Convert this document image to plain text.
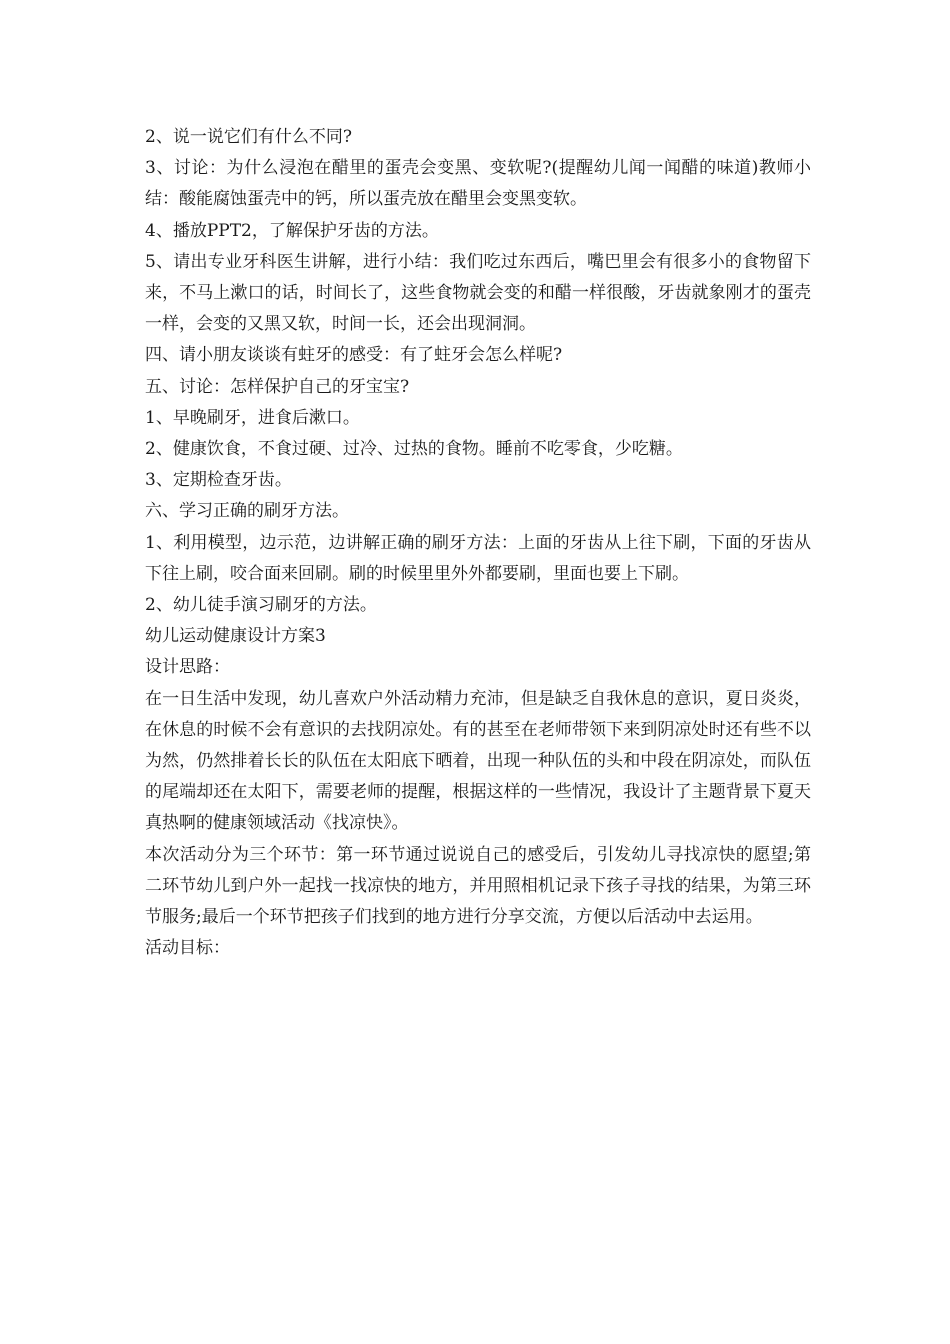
2、说一说它们有什么不同?

3、讨论：为什么浸泡在醋里的蛋壳会变黑、变软呢?(提醒幼儿闻一闻醋的味道)教师小结：酸能腐蚀蛋壳中的钙，所以蛋壳放在醋里会变黑变软。

4、播放PPT2，了解保护牙齿的方法。

5、请出专业牙科医生讲解，进行小结：我们吃过东西后，嘴巴里会有很多小的食物留下来，不马上漱口的话，时间长了，这些食物就会变的和醋一样很酸，牙齿就象刚才的蛋壳一样，会变的又黑又软，时间一长，还会出现洞洞。

四、请小朋友谈谈有蛀牙的感受：有了蛀牙会怎么样呢?

五、讨论：怎样保护自己的牙宝宝?

1、早晚刷牙，进食后漱口。

2、健康饮食，不食过硬、过冷、过热的食物。睡前不吃零食，少吃糖。

3、定期检查牙齿。

六、学习正确的刷牙方法。

1、利用模型，边示范，边讲解正确的刷牙方法：上面的牙齿从上往下刷，下面的牙齿从下往上刷，咬合面来回刷。刷的时候里里外外都要刷，里面也要上下刷。

2、幼儿徒手演习刷牙的方法。

幼儿运动健康设计方案3

设计思路：

在一日生活中发现，幼儿喜欢户外活动精力充沛，但是缺乏自我休息的意识，夏日炎炎，在休息的时候不会有意识的去找阴凉处。有的甚至在老师带领下来到阴凉处时还有些不以为然，仍然排着长长的队伍在太阳底下晒着，出现一种队伍的头和中段在阴凉处，而队伍的尾端却还在太阳下，需要老师的提醒，根据这样的一些情况，我设计了主题背景下夏天真热啊的健康领域活动《找凉快》。

本次活动分为三个环节：第一环节通过说说自己的感受后，引发幼儿寻找凉快的愿望;第二环节幼儿到户外一起找一找凉快的地方，并用照相机记录下孩子寻找的结果，为第三环节服务;最后一个环节把孩子们找到的地方进行分享交流，方便以后活动中去运用。

活动目标：
